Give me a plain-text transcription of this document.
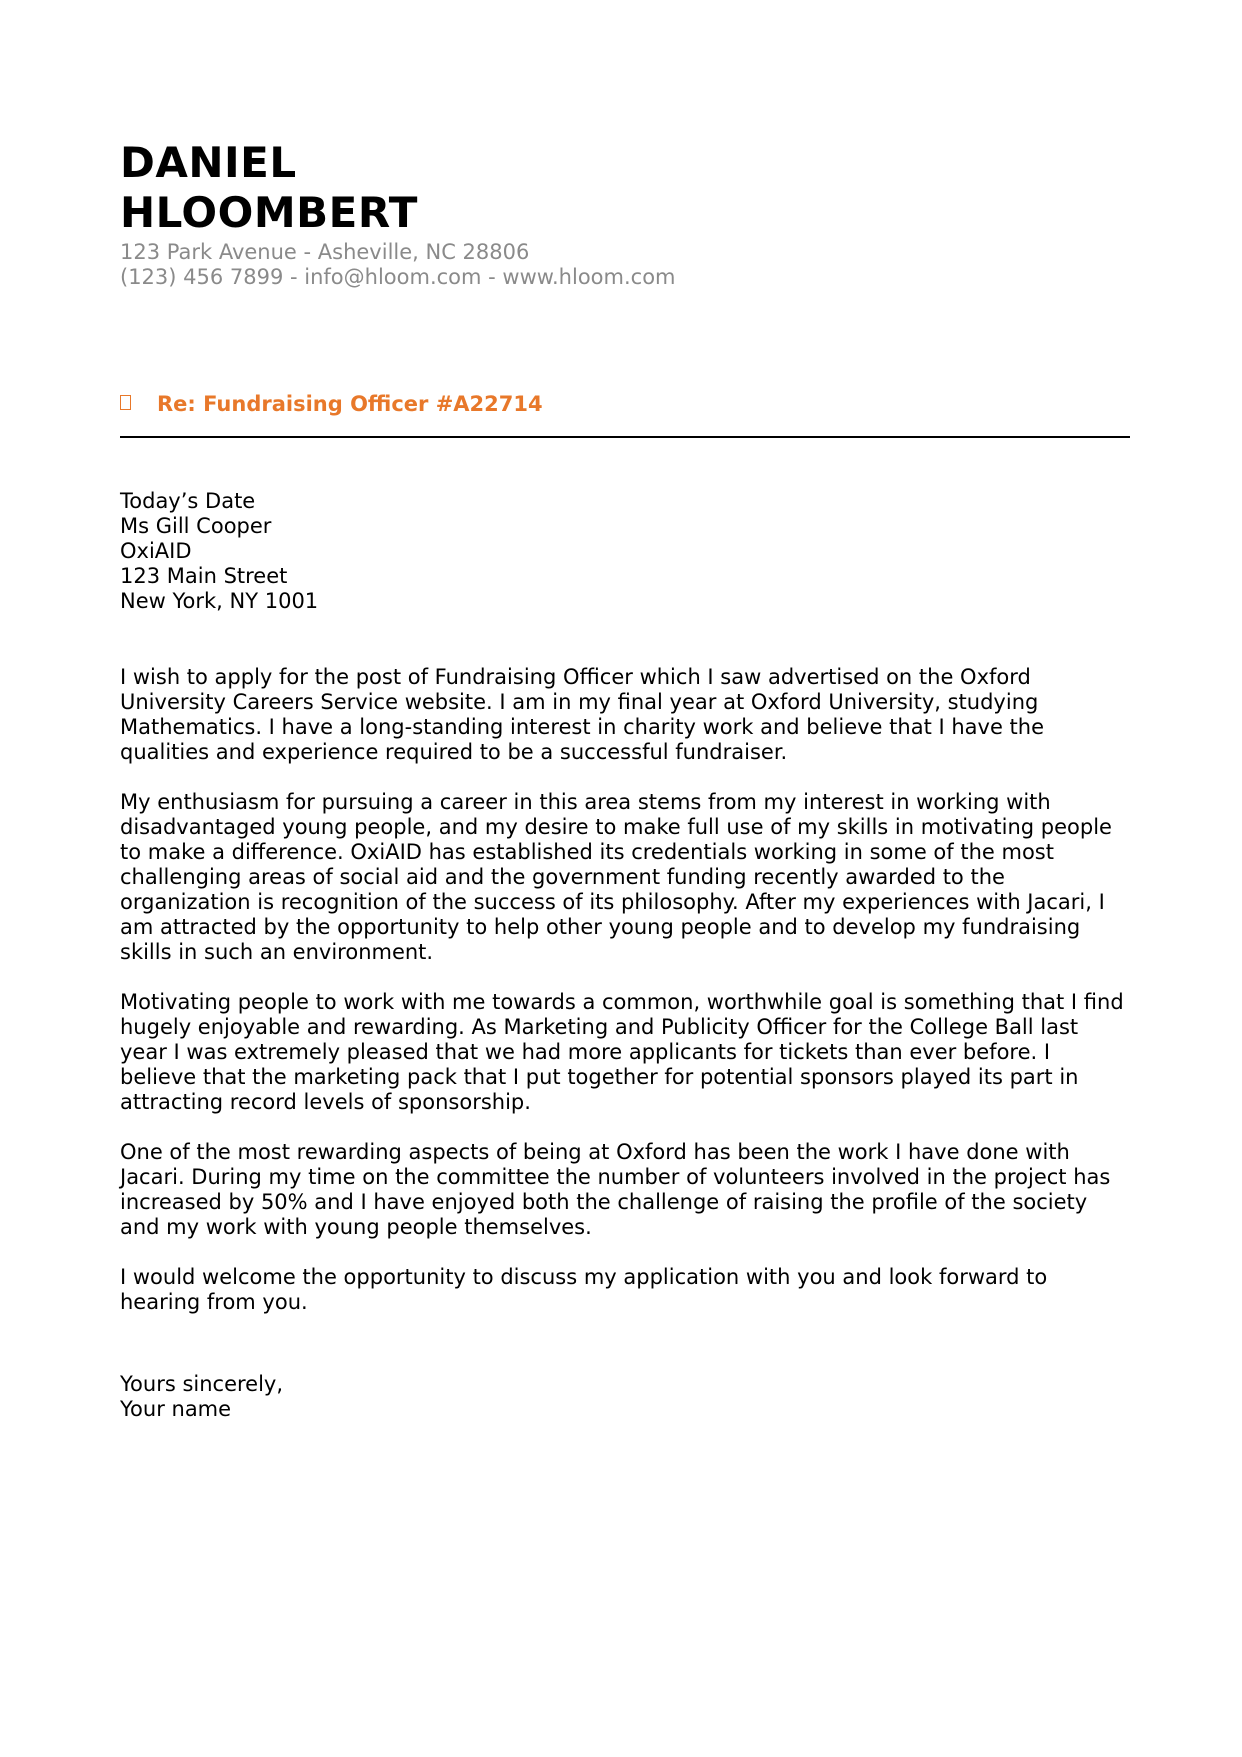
DANIEL
HLOOMBERT
123 Park Avenue - Asheville, NC 28806
(123) 456 7899 - info@hloom.com - www.hloom.com
Re: Fundraising Officer #A22714
Today’s Date
Ms Gill Cooper
OxiAID
123 Main Street
New York, NY 1001

I wish to apply for the post of Fundraising Officer which I saw advertised on the Oxford
University Careers Service website. I am in my final year at Oxford University, studying
Mathematics. I have a long-standing interest in charity work and believe that I have the
qualities and experience required to be a successful fundraiser.

My enthusiasm for pursuing a career in this area stems from my interest in working with
disadvantaged young people, and my desire to make full use of my skills in motivating people
to make a difference. OxiAID has established its credentials working in some of the most
challenging areas of social aid and the government funding recently awarded to the
organization is recognition of the success of its philosophy. After my experiences with Jacari, I
am attracted by the opportunity to help other young people and to develop my fundraising
skills in such an environment.

Motivating people to work with me towards a common, worthwhile goal is something that I find
hugely enjoyable and rewarding. As Marketing and Publicity Officer for the College Ball last
year I was extremely pleased that we had more applicants for tickets than ever before. I
believe that the marketing pack that I put together for potential sponsors played its part in
attracting record levels of sponsorship.

One of the most rewarding aspects of being at Oxford has been the work I have done with
Jacari. During my time on the committee the number of volunteers involved in the project has
increased by 50% and I have enjoyed both the challenge of raising the profile of the society
and my work with young people themselves.

I would welcome the opportunity to discuss my application with you and look forward to
hearing from you.

Yours sincerely,
Your name
